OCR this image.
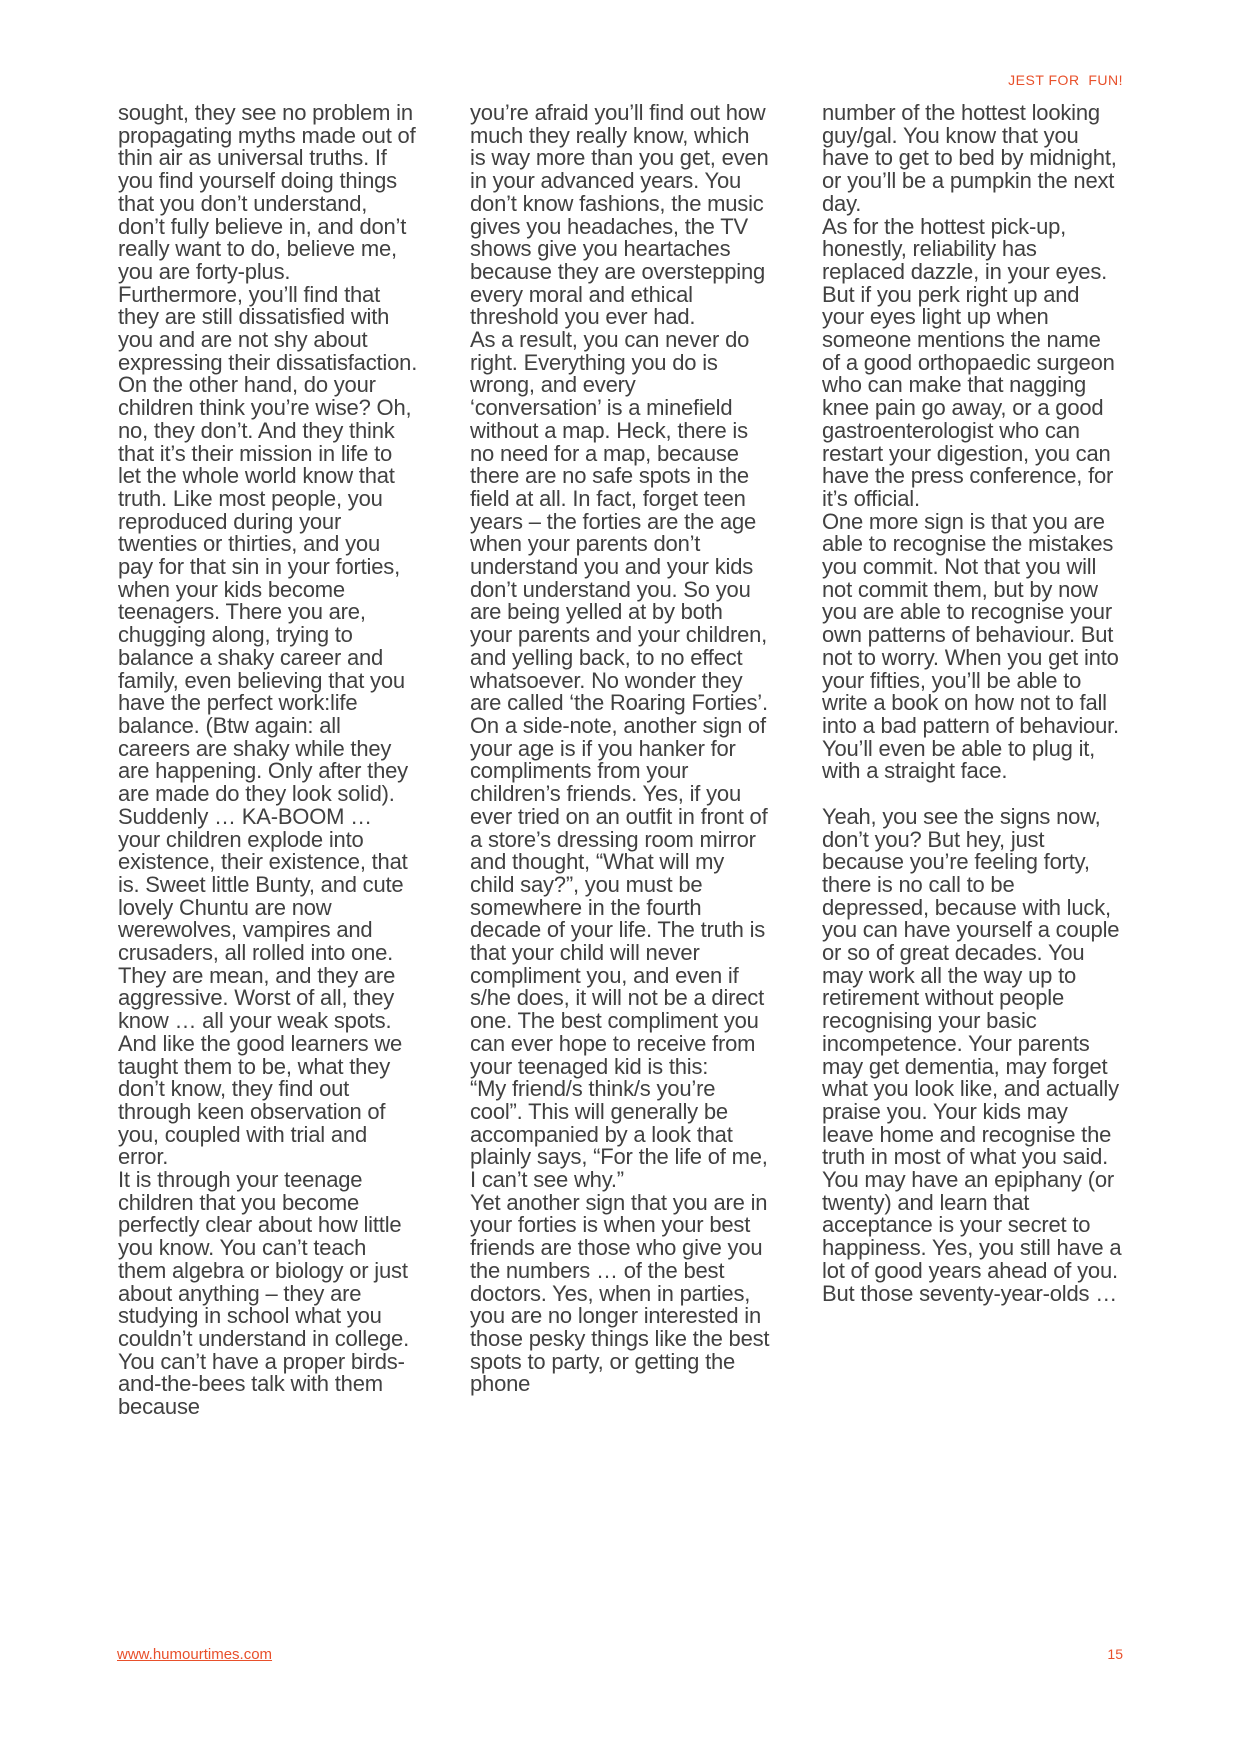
JEST FOR  FUN!

sought, they see no problem in propagating myths made out of thin air as universal truths. If you find yourself doing things that you don’t understand, don’t fully believe in, and don’t really want to do, believe me, you are forty-plus. Furthermore, you’ll find that they are still dissatisfied with you and are not shy about expressing their dissatisfaction.

On the other hand, do your children think you’re wise? Oh, no, they don’t. And they think that it’s their mission in life to let the whole world know that truth. Like most people, you reproduced during your twenties or thirties, and you pay for that sin in your forties, when your kids become teenagers. There you are, chugging along, trying to balance a shaky career and family, even believing that you have the perfect work:life balance. (Btw again: all careers are shaky while they are happening. Only after they are made do they look solid). Suddenly … KA-BOOM … your children explode into existence, their existence, that is. Sweet little Bunty, and cute lovely Chuntu are now werewolves, vampires and crusaders, all rolled into one. They are mean, and they are aggressive. Worst of all, they know … all your weak spots. And like the good learners we taught them to be, what they don’t know, they find out through keen observation of you, coupled with trial and error.

It is through your teenage children that you become perfectly clear about how little you know. You can’t teach them algebra or biology or just about anything – they are studying in school what you couldn’t understand in college. You can’t have a proper birds-and-the-bees talk with them because

you’re afraid you’ll find out how much they really know, which is way more than you get, even in your advanced years. You don’t know fashions, the music gives you headaches, the TV shows give you heartaches because they are overstepping every moral and ethical threshold you ever had.

As a result, you can never do right. Everything you do is wrong, and every ‘conversation’ is a minefield without a map. Heck, there is no need for a map, because there are no safe spots in the field at all. In fact, forget teen years – the forties are the age when your parents don’t understand you and your kids don’t understand you. So you are being yelled at by both your parents and your children, and yelling back, to no effect whatsoever. No wonder they are called ‘the Roaring Forties’.

On a side-note, another sign of your age is if you hanker for compliments from your children’s friends. Yes, if you ever tried on an outfit in front of a store’s dressing room mirror and thought, “What will my child say?”, you must be somewhere in the fourth decade of your life. The truth is that your child will never compliment you, and even if s/he does, it will not be a direct one. The best compliment you can ever hope to receive from your teenaged kid is this:

“My friend/s think/s you’re cool”. This will generally be accompanied by a look that plainly says, “For the life of me, I can’t see why.”

Yet another sign that you are in your forties is when your best friends are those who give you the numbers … of the best doctors. Yes, when in parties, you are no longer interested in those pesky things like the best spots to party, or getting the phone

number of the hottest looking guy/gal. You know that you have to get to bed by midnight, or you’ll be a pumpkin the next day.

As for the hottest pick-up, honestly, reliability has replaced dazzle, in your eyes.

But if you perk right up and your eyes light up when someone mentions the name of a good orthopaedic surgeon who can make that nagging knee pain go away, or a good gastroenterologist who can restart your digestion, you can have the press conference, for it’s official.

One more sign is that you are able to recognise the mistakes you commit. Not that you will not commit them, but by now you are able to recognise your own patterns of behaviour. But not to worry. When you get into your fifties, you’ll be able to write a book on how not to fall into a bad pattern of behaviour. You’ll even be able to plug it, with a straight face.

Yeah, you see the signs now, don’t you? But hey, just because you’re feeling forty, there is no call to be depressed, because with luck, you can have yourself a couple or so of great decades. You may work all the way up to retirement without people recognising your basic incompetence. Your parents may get dementia, may forget what you look like, and actually praise you. Your kids may leave home and recognise the truth in most of what you said. You may have an epiphany (or twenty) and learn that acceptance is your secret to happiness. Yes, you still have a lot of good years ahead of you. But those seventy-year-olds …

www.humourtimes.com	15
